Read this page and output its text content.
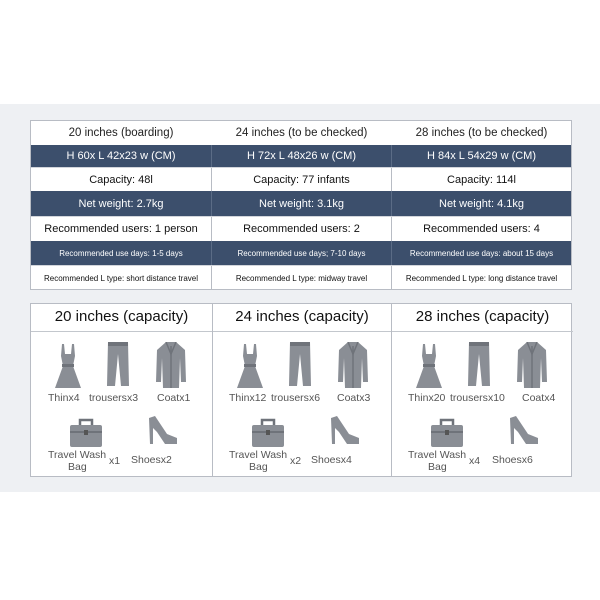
20 inches (boarding)	24 inches (to be checked)	28 inches (to be checked)
H 60x L 42x23 w (CM)	H 72x L 48x26 w (CM)	H 84x L 54x29 w (CM)
Capacity: 48l	Capacity: 77 infants	Capacity: 114l
Net weight: 2.7kg	Net weight: 3.1kg	Net weight: 4.1kg
Recommended users: 1 person	Recommended users: 2	Recommended users: 4
Recommended use days: 1-5 days	Recommended use days; 7-10 days	Recommended use days: about 15 days
Recommended L type: short distance travel	Recommended L type: midway travel	Recommended L type: long distance travel
20 inches (capacity)
Thinx4 trousersx3 Coatx1
Travel Wash
Bag	x1 Shoesx2
24 inches (capacity)
Thinx12 trousersx6 Coatx3
Travel Wash
Bag	x2 Shoesx4
28 inches (capacity)
Thinx20 trousersx10 Coatx4
Travel Wash
Bag	x4 Shoesx6
